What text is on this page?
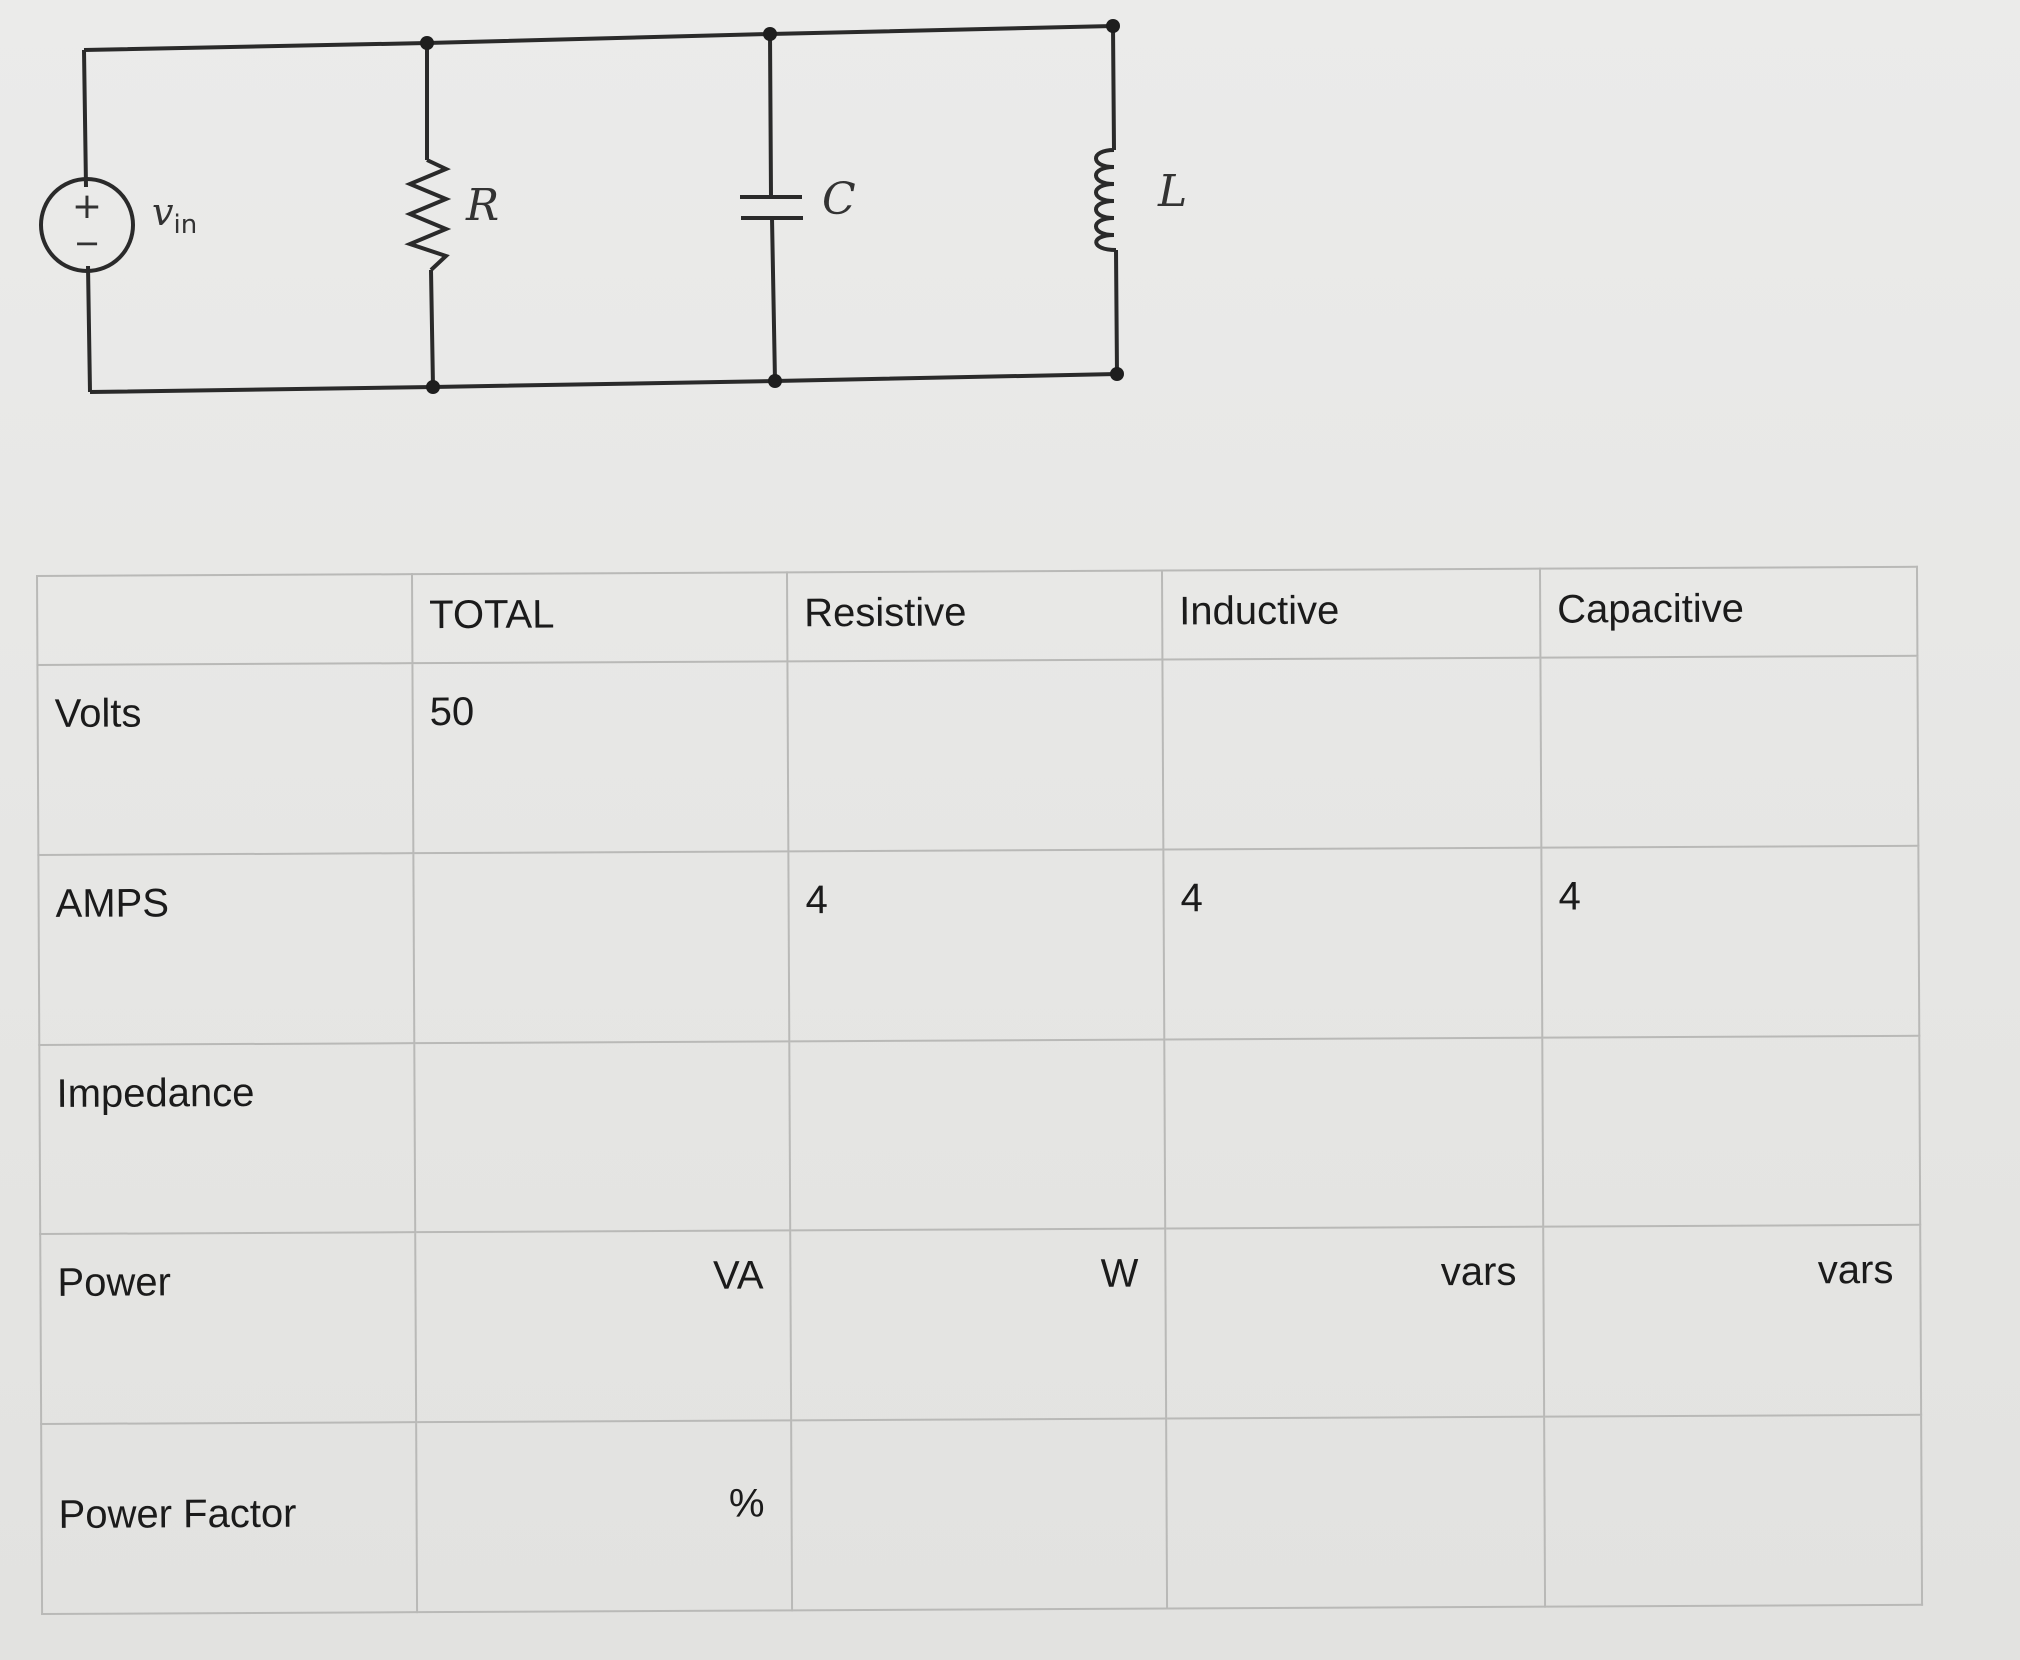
+
−
$v_{in}$	R	C	L

	TOTAL	Resistive	Inductive	Capacitive

Volts	50			

AMPS		4	4	4

Impedance				

Power	VA	W	vars	vars

Power Factor	%			
